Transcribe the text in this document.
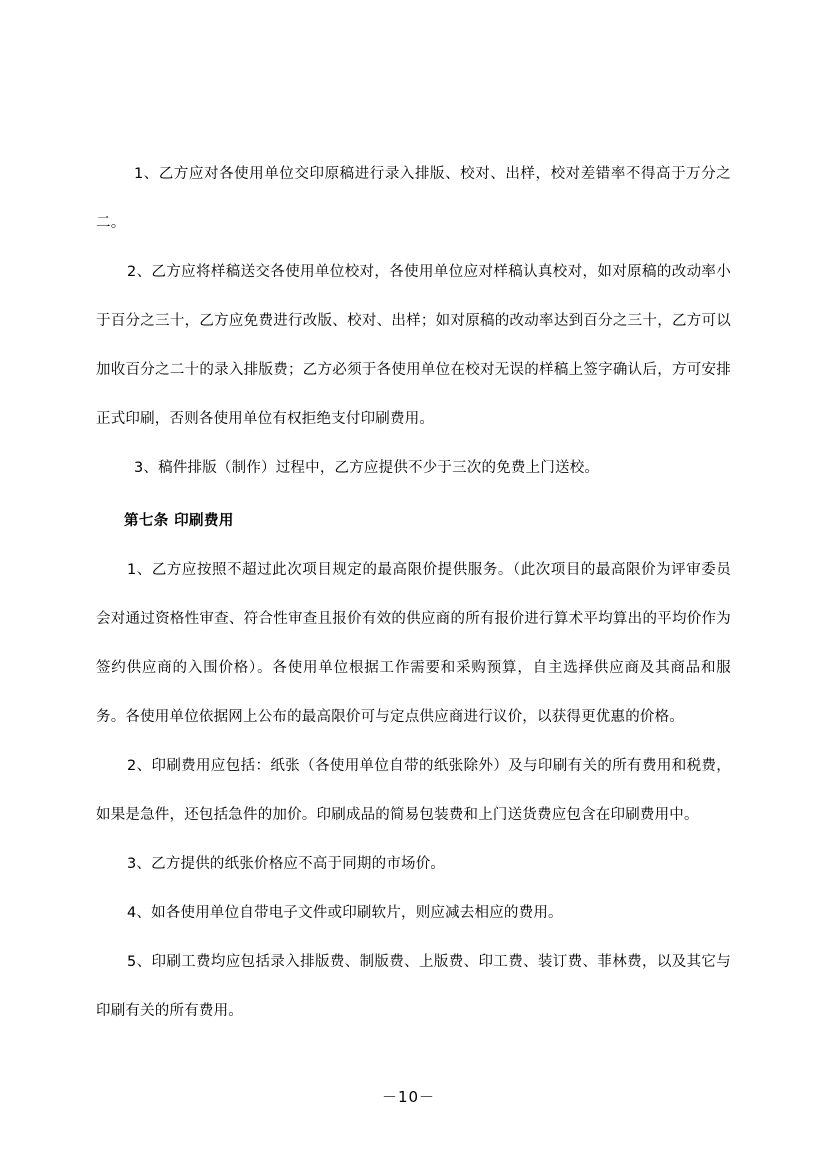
1、乙方应对各使用单位交印原稿进行录入排版、校对、出样，校对差错率不得高于万分之二。

2、乙方应将样稿送交各使用单位校对，各使用单位应对样稿认真校对，如对原稿的改动率小于百分之三十，乙方应免费进行改版、校对、出样；如对原稿的改动率达到百分之三十，乙方可以加收百分之二十的录入排版费；乙方必须于各使用单位在校对无误的样稿上签字确认后，方可安排正式印刷，否则各使用单位有权拒绝支付印刷费用。

3、稿件排版（制作）过程中，乙方应提供不少于三次的免费上门送校。

第七条 印刷费用

1、乙方应按照不超过此次项目规定的最高限价提供服务。（此次项目的最高限价为评审委员会对通过资格性审查、符合性审查且报价有效的供应商的所有报价进行算术平均算出的平均价作为签约供应商的入围价格）。各使用单位根据工作需要和采购预算，自主选择供应商及其商品和服务。各使用单位依据网上公布的最高限价可与定点供应商进行议价，以获得更优惠的价格。

2、印刷费用应包括：纸张（各使用单位自带的纸张除外）及与印刷有关的所有费用和税费，如果是急件，还包括急件的加价。印刷成品的简易包装费和上门送货费应包含在印刷费用中。

3、乙方提供的纸张价格应不高于同期的市场价。

4、如各使用单位自带电子文件或印刷软片，则应减去相应的费用。

5、印刷工费均应包括录入排版费、制版费、上版费、印工费、装订费、菲林费，以及其它与印刷有关的所有费用。

－10－
